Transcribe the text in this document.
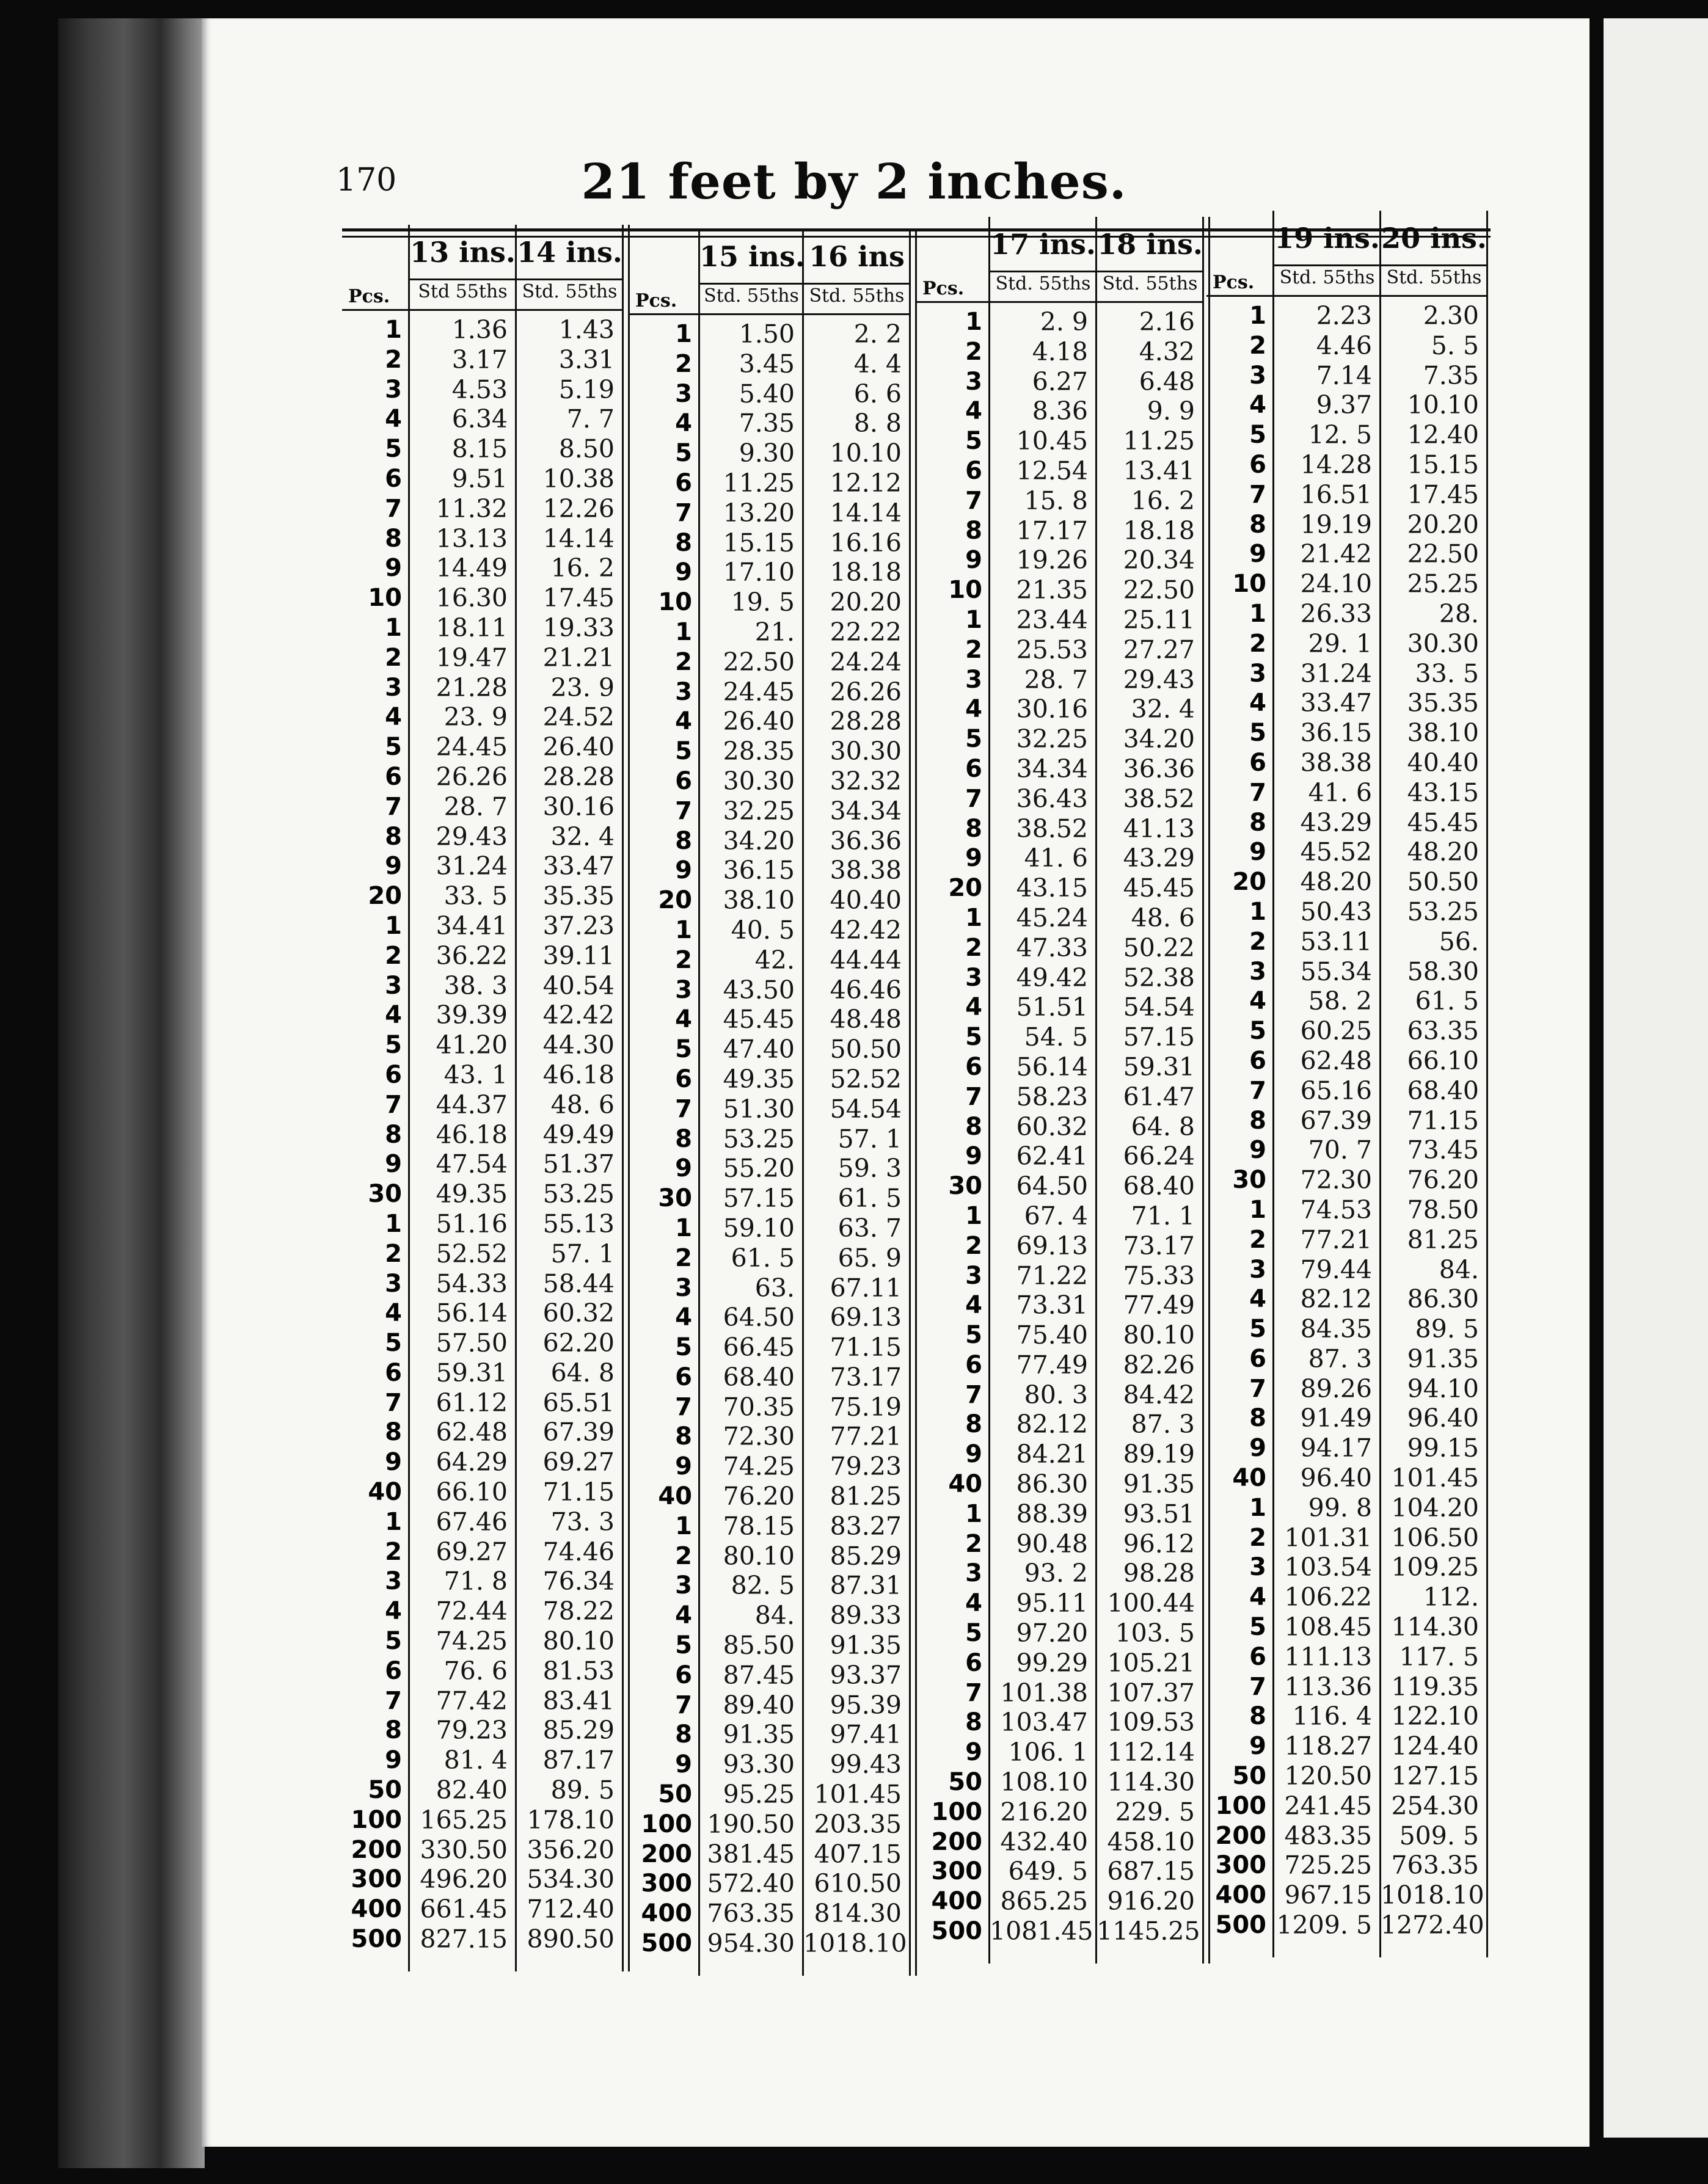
170	21 feet by 2 inches.
13 ins.
Std 55ths
14 ins.
Std. 55ths
Pcs.
1	1.36	1.43
2	3.17	3.31
3	4.53	5.19
4	6.34	7. 7
5	8.15	8.50
6	9.51	10.38
7	11.32	12.26
8	13.13	14.14
9	14.49	16. 2
10	16.30	17.45
1	18.11	19.33
2	19.47	21.21
3	21.28	23. 9
4	23. 9	24.52
5	24.45	26.40
6	26.26	28.28
7	28. 7	30.16
8	29.43	32. 4
9	31.24	33.47
20	33. 5	35.35
1	34.41	37.23
2	36.22	39.11
3	38. 3	40.54
4	39.39	42.42
5	41.20	44.30
6	43. 1	46.18
7	44.37	48. 6
8	46.18	49.49
9	47.54	51.37
30	49.35	53.25
1	51.16	55.13
2	52.52	57. 1
3	54.33	58.44
4	56.14	60.32
5	57.50	62.20
6	59.31	64. 8
7	61.12	65.51
8	62.48	67.39
9	64.29	69.27
40	66.10	71.15
1	67.46	73. 3
2	69.27	74.46
3	71. 8	76.34
4	72.44	78.22
5	74.25	80.10
6	76. 6	81.53
7	77.42	83.41
8	79.23	85.29
9	81. 4	87.17
50	82.40	89. 5
100 165.25 178.10
200 330.50 356.20
300 496.20 534.30
400 661.45 712.40
500 827.15 890.50
15 ins.
Std. 55ths
16 ins
Std. 55ths
Pcs.
1	1.50	2. 2
2	3.45	4. 4
3	5.40	6. 6
4	7.35	8. 8
5	9.30	10.10
6	11.25	12.12
7	13.20	14.14
8	15.15	16.16
9	17.10	18.18
10	19. 5	20.20
1	21.	22.22
2	22.50	24.24
3	24.45	26.26
4	26.40	28.28
5	28.35	30.30
6	30.30	32.32
7	32.25	34.34
8	34.20	36.36
9	36.15	38.38
20	38.10	40.40
1	40. 5	42.42
2	42.	44.44
3	43.50	46.46
4	45.45	48.48
5	47.40	50.50
6	49.35	52.52
7	51.30	54.54
8	53.25	57. 1
9	55.20	59. 3
30	57.15	61. 5
1	59.10	63. 7
2	61. 5	65. 9
3	63.	67.11
4	64.50	69.13
5	66.45	71.15
6	68.40	73.17
7	70.35	75.19
8	72.30	77.21
9	74.25	79.23
40	76.20	81.25
1	78.15	83.27
2	80.10	85.29
3	82. 5	87.31
4	84.	89.33
5	85.50	91.35
6	87.45	93.37
7	89.40	95.39
8	91.35	97.41
9	93.30	99.43
50	95.25 101.45
100 190.50 203.35
200 381.45 407.15
300 572.40 610.50
400 763.35 814.30
500 954.30 1018.10
17 ins.
Std. 55ths
18 ins.
Std. 55ths
Pcs.
1	2. 9	2.16
2	4.18	4.32
3	6.27	6.48
4	8.36	9. 9
5	10.45	11.25
6	12.54	13.41
7	15. 8	16. 2
8	17.17	18.18
9	19.26	20.34
10	21.35	22.50
1	23.44	25.11
2	25.53	27.27
3	28. 7	29.43
4	30.16	32. 4
5	32.25	34.20
6	34.34	36.36
7	36.43	38.52
8	38.52	41.13
9	41. 6	43.29
20	43.15	45.45
1	45.24	48. 6
2	47.33	50.22
3	49.42	52.38
4	51.51	54.54
5	54. 5	57.15
6	56.14	59.31
7	58.23	61.47
8	60.32	64. 8
9	62.41	66.24
30	64.50	68.40
1	67. 4	71. 1
2	69.13	73.17
3	71.22	75.33
4	73.31	77.49
5	75.40	80.10
6	77.49	82.26
7	80. 3	84.42
8	82.12	87. 3
9	84.21	89.19
40	86.30	91.35
1	88.39	93.51
2	90.48	96.12
3	93. 2	98.28
4	95.11 100.44
5	97.20	103. 5
6	99.29 105.21
7 101.38 107.37
8 103.47 109.53
9	106. 1 112.14
50 108.10 114.30
100 216.20	229. 5
200 432.40 458.10
300	649. 5 687.15
400 865.25 916.20
500 1081.45 1145.25
19 ins.
Std. 55ths
20 ins.
Std. 55ths
Pcs.
1	2.23	2.30
2	4.46	5. 5
3	7.14	7.35
4	9.37	10.10
5	12. 5	12.40
6	14.28	15.15
7	16.51	17.45
8	19.19	20.20
9	21.42	22.50
10	24.10	25.25
1	26.33	28.
2	29. 1	30.30
3	31.24	33. 5
4	33.47	35.35
5	36.15	38.10
6	38.38	40.40
7	41. 6	43.15
8	43.29	45.45
9	45.52	48.20
20	48.20	50.50
1	50.43	53.25
2	53.11	56.
3	55.34	58.30
4	58. 2	61. 5
5	60.25	63.35
6	62.48	66.10
7	65.16	68.40
8	67.39	71.15
9	70. 7	73.45
30	72.30	76.20
1	74.53	78.50
2	77.21	81.25
3	79.44	84.
4	82.12	86.30
5	84.35	89. 5
6	87. 3	91.35
7	89.26	94.10
8	91.49	96.40
9	94.17	99.15
40	96.40 101.45
1	99. 8 104.20
2 101.31 106.50
3 103.54 109.25
4 106.22	112.
5 108.45 114.30
6 111.13	117. 5
7 113.36 119.35
8	116. 4 122.10
9 118.27 124.40
50 120.50 127.15
100 241.45 254.30
200 483.35	509. 5
300 725.25 763.35
400 967.15 1018.10
500 1209. 5 1272.40
